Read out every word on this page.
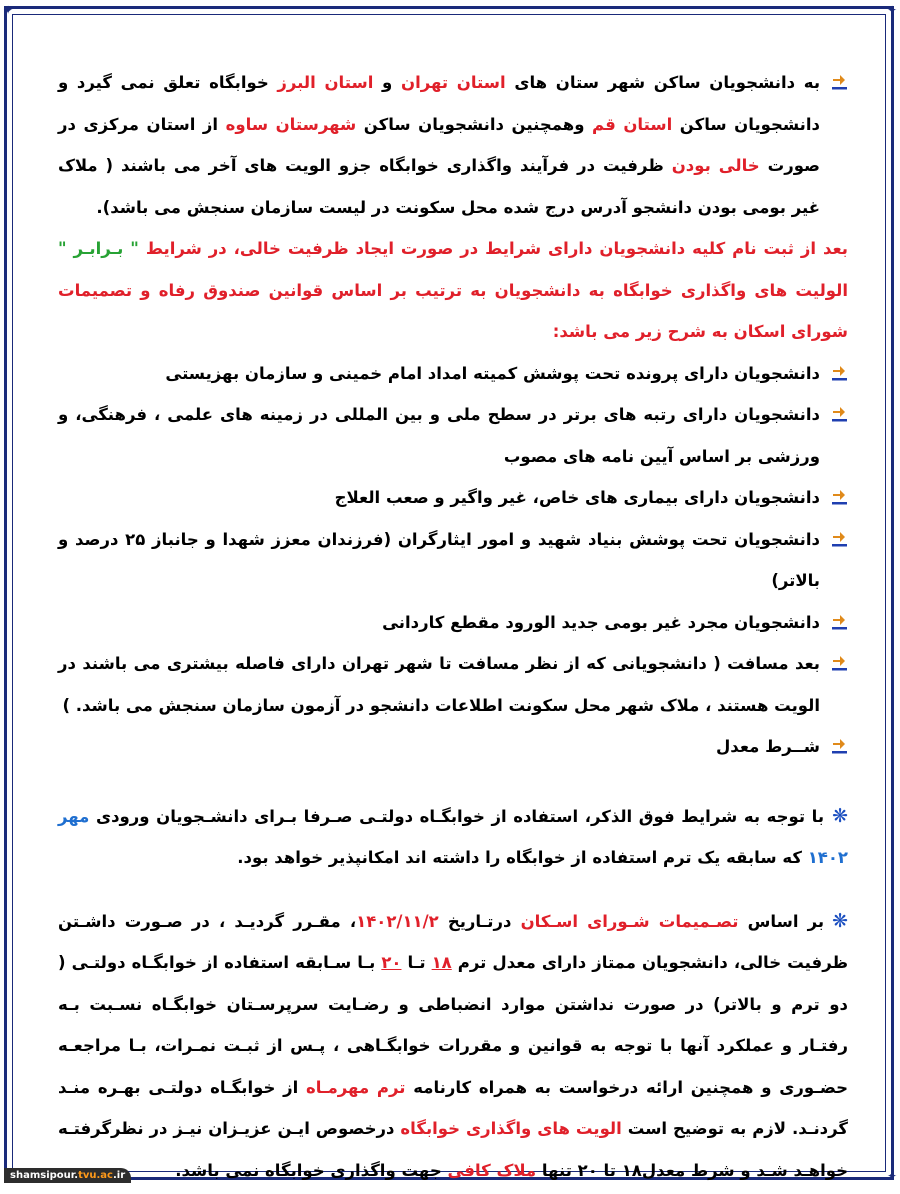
✦	✦
✦

به دانشجویان ساکن شهر ستان های استان تهران و استان البرز خوابگاه تعلق نمی گیرد و دانشجویان ساکن استان قم وهمچنین دانشجویان ساکن شهرستان ساوه از استان مرکزی در صورت خالی بودن ظرفیت در فرآیند واگذاری خوابگاه جزو الویت های آخر می باشند ( ملاک غیر بومی بودن دانشجو آدرس درج شده محل سکونت در لیست سازمان سنجش می باشد).

بعد از ثبت نام کلیه دانشجویان دارای شرایط در صورت ایجاد ظرفیت خالی، در شرایط " بـرابـر " الولیت های واگذاری خوابگاه به دانشجویان به ترتیب بر اساس قوانین صندوق رفاه و تصمیمات شورای اسکان به شرح زیر می باشد:

دانشجویان دارای پرونده تحت پوشش کمیته امداد امام خمینی و سازمان بهزیستی

دانشجویان دارای رتبه های برتر در سطح ملی و بین المللی در زمینه های علمی ، فرهنگی، و ورزشی بر اساس آیین نامه های مصوب

دانشجویان دارای بیماری های خاص، غیر واگیر و صعب العلاج

دانشجویان تحت پوشش بنیاد شهید و امور ایثارگران (فرزندان معزز شهدا و جانباز ۲۵ درصد و بالاتر)

دانشجویان مجرد غیر بومی جدید الورود مقطع کاردانی

بعد مسافت ( دانشجویانی که از نظر مسافت تا شهر تهران دارای فاصله بیشتری می باشند در الویت هستند ، ملاک شهر محل سکونت اطلاعات دانشجو در آزمون سازمان سنجش می باشد. )

شــرط معدل

❋با توجه به شرایط فوق الذکر، استفاده از خوابگـاه دولتـی صـرفا بـرای دانشـجویان ورودی مهر ۱۴۰۲ که سابقه یک ترم استفاده از خوابگاه را داشته اند امکانپذیر خواهد بود.

❋بر اساس تصـمیمات شـورای اسـکان درتـاریخ ۱۴۰۲/۱۱/۲، مقـرر گردیـد ، در صـورت داشـتن ظرفیت خالی، دانشجویان ممتاز دارای معدل ترم ۱۸ تـا ۲۰ بـا سـابقه استفاده از خوابگـاه دولتـی ( دو ترم و بالاتر) در صورت نداشتن موارد انضباطی و رضـایت سرپرسـتان خوابگـاه نسـبت بـه رفتـار و عملکرد آنها با توجه به قوانین و مقررات خوابگـاهی ، پـس از ثبـت نمـرات، بـا مراجعـه حضـوری و همچنین ارائه درخواست به همراه کارنامه ترم مهرمـاه از خوابگـاه دولتـی بهـره منـد گردنـد. لازم به توضیح است الویت های واگذاری خوابگاه درخصوص ایـن عزیـزان نیـز در نظرگرفتـه خواهـد شـد و شرط معدل۱۸ تا ۲۰ تنها ملاک کافی جهت واگذاری خوابگاه نمی باشد.

shamsipour.tvu.ac.ir
